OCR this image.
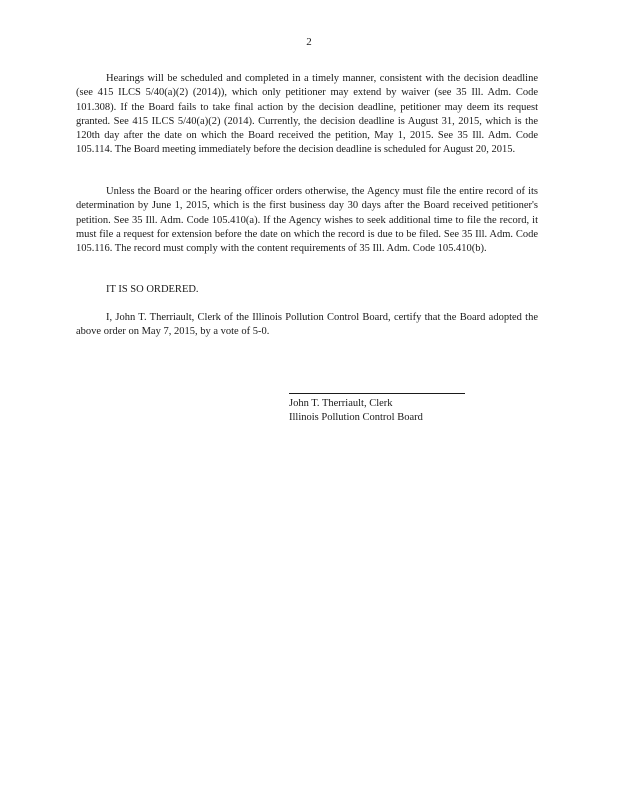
2

Hearings will be scheduled and completed in a timely manner, consistent with the decision deadline (see 415 ILCS 5/40(a)(2) (2014)), which only petitioner may extend by waiver (see 35 Ill. Adm. Code 101.308). If the Board fails to take final action by the decision deadline, petitioner may deem its request granted. See 415 ILCS 5/40(a)(2) (2014). Currently, the decision deadline is August 31, 2015, which is the 120th day after the date on which the Board received the petition, May 1, 2015. See 35 Ill. Adm. Code 105.114. The Board meeting immediately before the decision deadline is scheduled for August 20, 2015.

Unless the Board or the hearing officer orders otherwise, the Agency must file the entire record of its determination by June 1, 2015, which is the first business day 30 days after the Board received petitioner's petition. See 35 Ill. Adm. Code 105.410(a). If the Agency wishes to seek additional time to file the record, it must file a request for extension before the date on which the record is due to be filed. See 35 Ill. Adm. Code 105.116. The record must comply with the content requirements of 35 Ill. Adm. Code 105.410(b).

IT IS SO ORDERED.

I, John T. Therriault, Clerk of the Illinois Pollution Control Board, certify that the Board adopted the above order on May 7, 2015, by a vote of 5-0.

John T. Therriault, Clerk
Illinois Pollution Control Board
